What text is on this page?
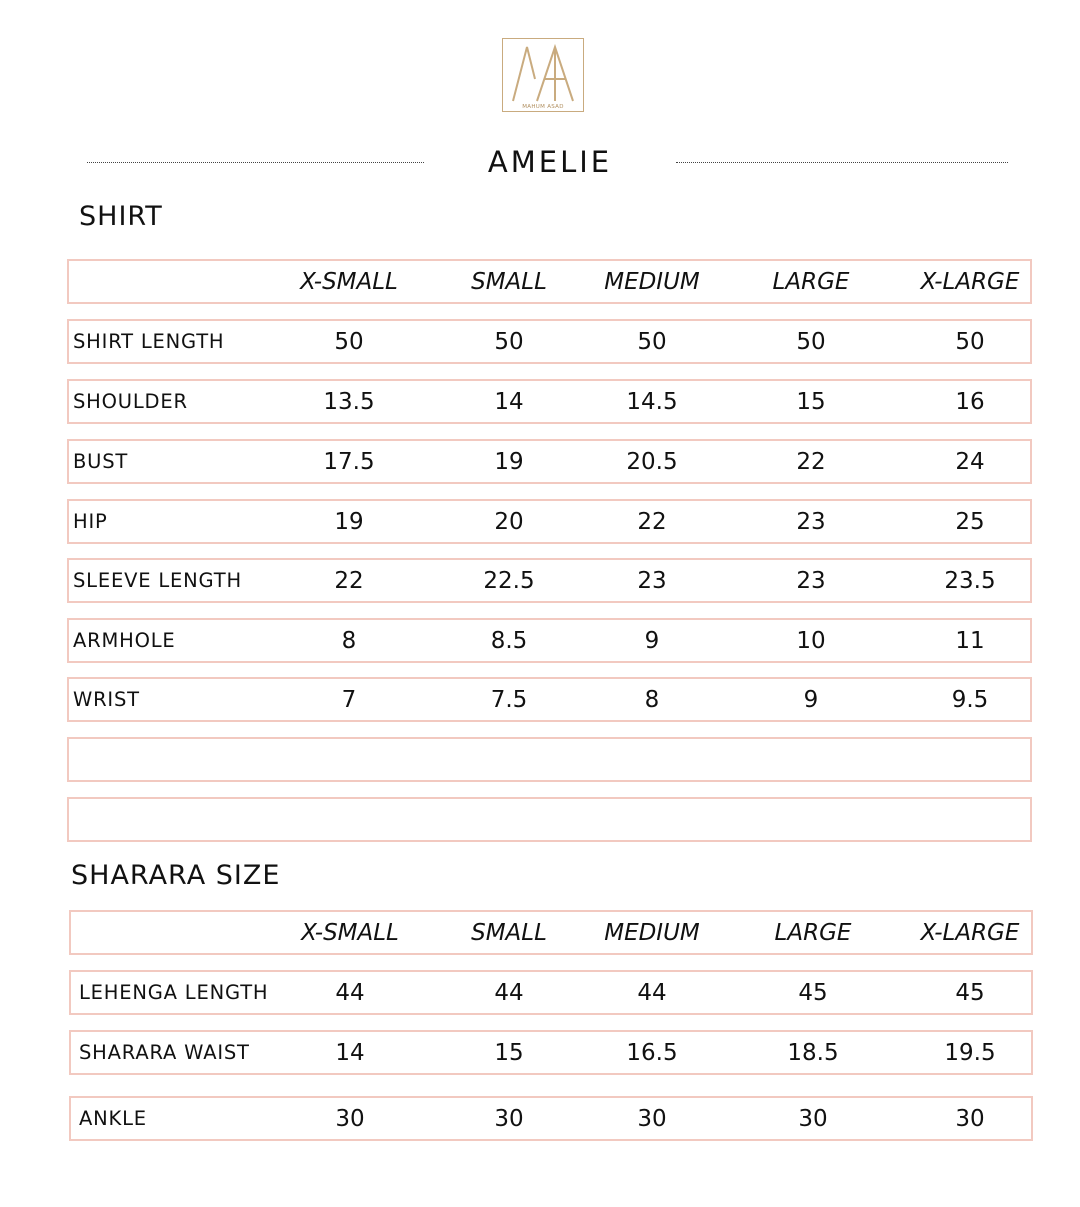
MAHUM ASAD
AMELIE
SHIRT
X-SMALL	SMALL	MEDIUM	LARGE	X-LARGE
SHIRT LENGTH	50	50	50	50	50
SHOULDER	13.5	14	14.5	15	16
BUST	17.5	19	20.5	22	24
HIP	19	20	22	23	25
SLEEVE LENGTH	22	22.5	23	23	23.5
ARMHOLE	8	8.5	9	10	11
WRIST	7	7.5	8	9	9.5
SHARARA SIZE
X-SMALL	SMALL	MEDIUM	LARGE	X-LARGE
LEHENGA LENGTH	44	44	44	45	45
SHARARA WAIST	14	15	16.5	18.5	19.5
ANKLE	30	30	30	30	30
